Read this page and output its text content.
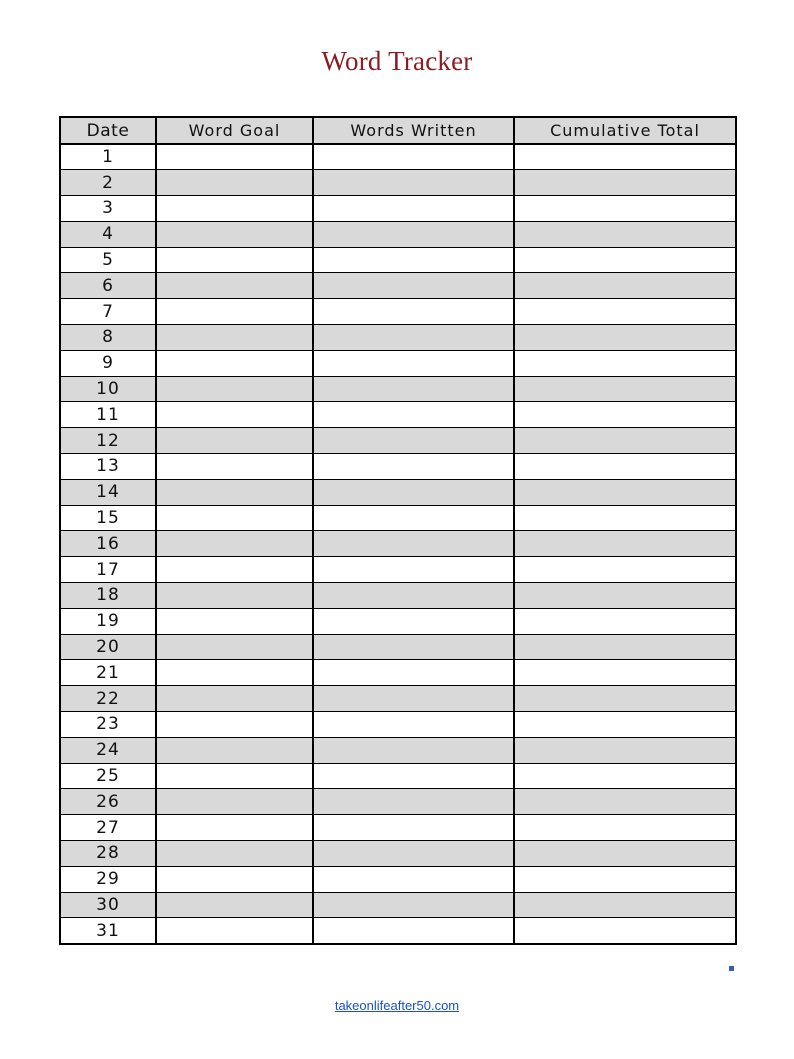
Word Tracker
Date	Word Goal	Words Written	Cumulative Total
1			
2			
3			
4			
5			
6			
7			
8			
9			
10			
11			
12			
13			
14			
15			
16			
17			
18			
19			
20			
21			
22			
23			
24			
25			
26			
27			
28			
29			
30			
31			
takeonlifeafter50.com
